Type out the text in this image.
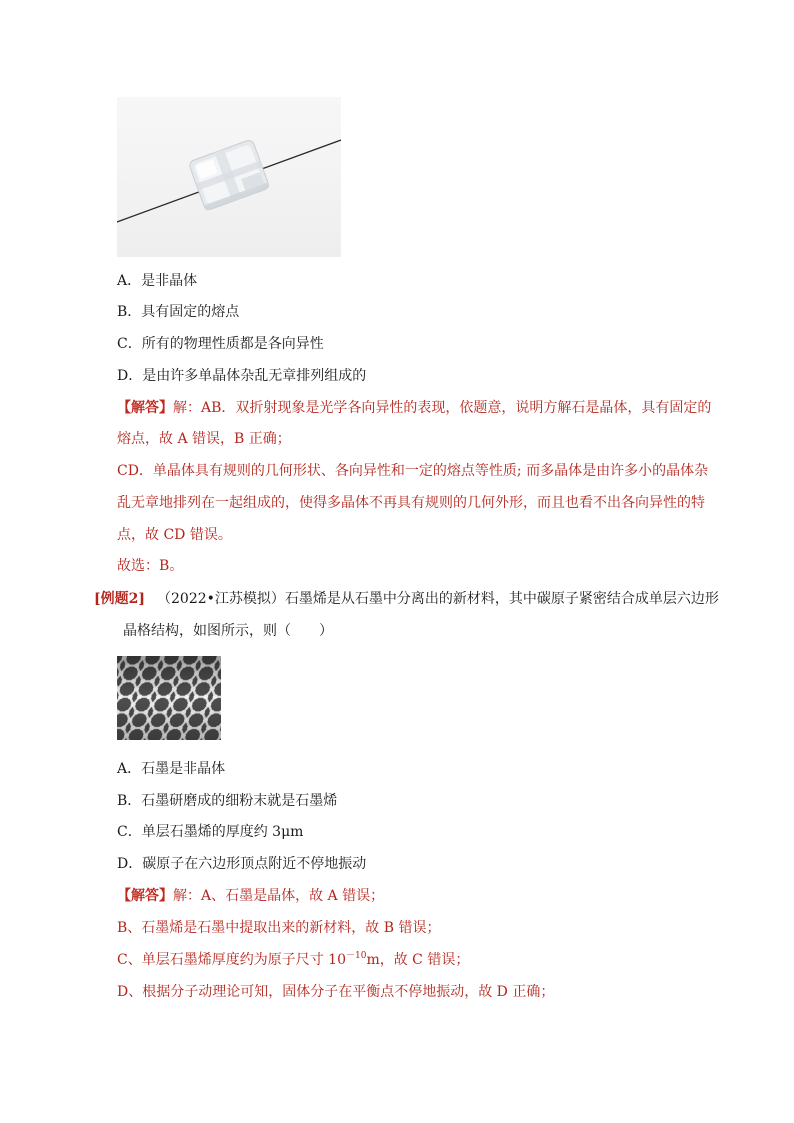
A．是非晶体
B．具有固定的熔点
C．所有的物理性质都是各向异性
D．是由许多单晶体杂乱无章排列组成的
【解答】解：AB．双折射现象是光学各向异性的表现，依题意，说明方解石是晶体，具有固定的
熔点，故 A 错误，B 正确；
CD．单晶体具有规则的几何形状、各向异性和一定的熔点等性质; 而多晶体是由许多小的晶体杂
乱无章地排列在一起组成的，使得多晶体不再具有规则的几何外形，而且也看不出各向异性的特
点，故 CD 错误。
故选：B。
[例题2] （2022•江苏模拟）石墨烯是从石墨中分离出的新材料，其中碳原子紧密结合成单层六边形
晶格结构，如图所示，则（　　）
A．石墨是非晶体
B．石墨研磨成的细粉末就是石墨烯
C．单层石墨烯的厚度约 3μm
D．碳原子在六边形顶点附近不停地振动
【解答】解：A、石墨是晶体，故 A 错误；
B、石墨烯是石墨中提取出来的新材料，故 B 错误；
C、单层石墨烯厚度约为原子尺寸 $10^{-10}m$，故 C 错误；
D、根据分子动理论可知，固体分子在平衡点不停地振动，故 D 正确；
